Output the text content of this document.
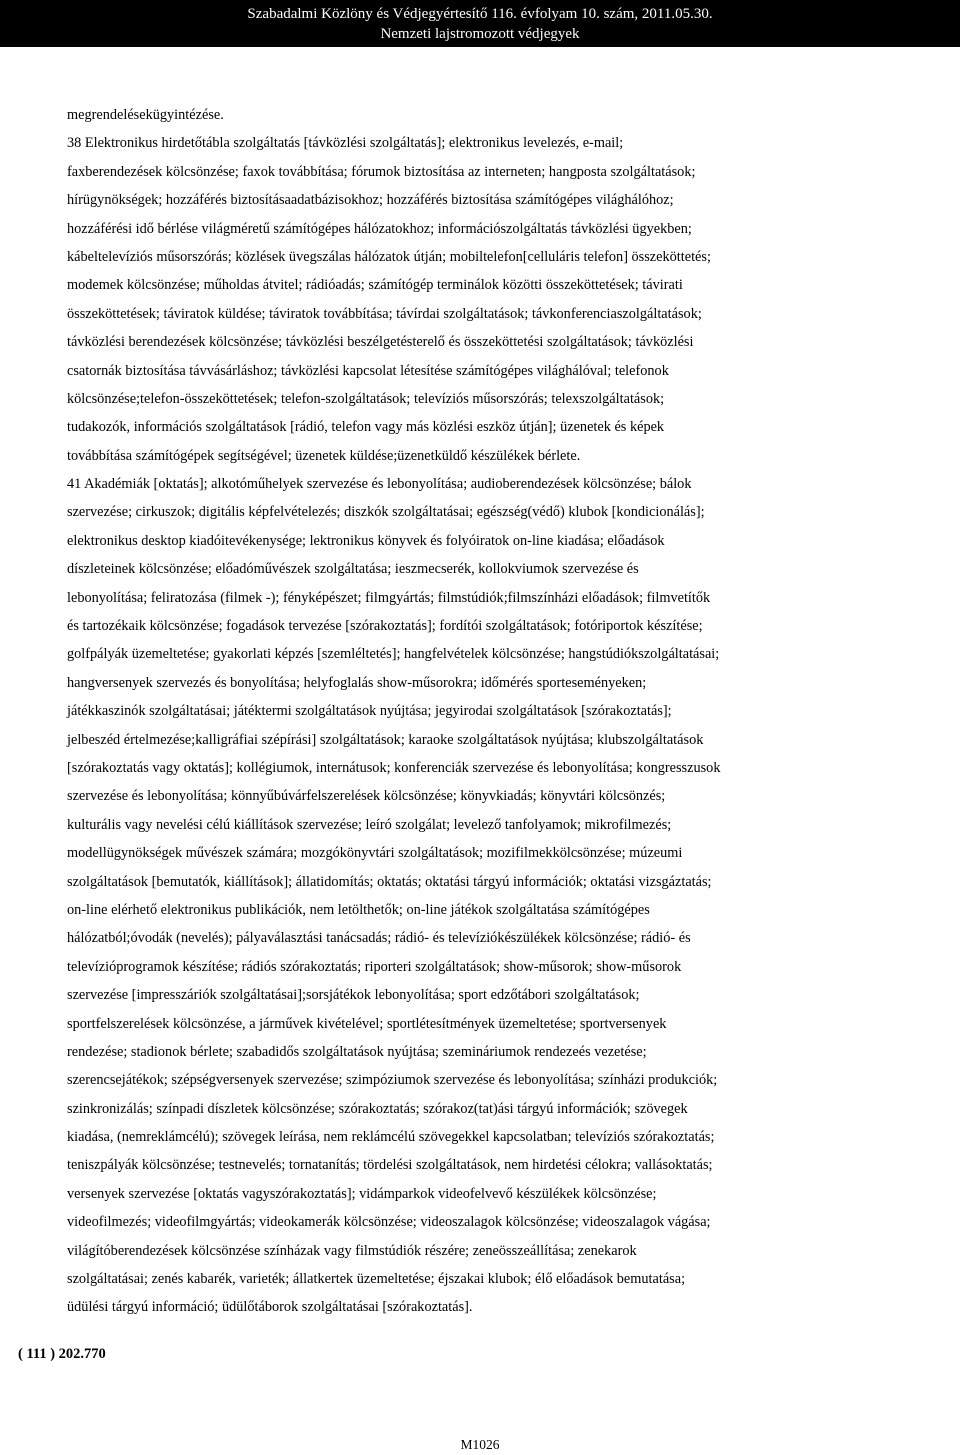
Szabadalmi Közlöny és Védjegyértesítő 116. évfolyam 10. szám, 2011.05.30.
Nemzeti lajstromozott védjegyek
megrendelésekügyintézése.
38 Elektronikus hirdetőtábla szolgáltatás [távközlési szolgáltatás]; elektronikus levelezés, e-mail;
faxberendezések kölcsönzése; faxok továbbítása; fórumok biztosítása az interneten; hangposta szolgáltatások;
hírügynökségek; hozzáférés biztosításaadatbázisokhoz; hozzáférés biztosítása számítógépes világhálóhoz;
hozzáférési idő bérlése világméretű számítógépes hálózatokhoz; információszolgáltatás távközlési ügyekben;
kábeltelevíziós műsorszórás; közlések üvegszálas hálózatok útján; mobiltelefon[celluláris telefon] összeköttetés;
modemek kölcsönzése; műholdas átvitel; rádióadás; számítógép terminálok közötti összeköttetések; távirati
összeköttetések; táviratok küldése; táviratok továbbítása; távírdai szolgáltatások; távkonferenciaszolgáltatások;
távközlési berendezések kölcsönzése; távközlési beszélgetésterelő és összeköttetési szolgáltatások; távközlési
csatornák biztosítása távvásárláshoz; távközlési kapcsolat létesítése számítógépes világhálóval; telefonok
kölcsönzése;telefon-összeköttetések; telefon-szolgáltatások; televíziós műsorszórás; telexszolgáltatások;
tudakozók, információs szolgáltatások [rádió, telefon vagy más közlési eszköz útján]; üzenetek és képek
továbbítása számítógépek segítségével; üzenetek küldése;üzenetküldő készülékek bérlete.
41 Akadémiák [oktatás]; alkotóműhelyek szervezése és lebonyolítása; audioberendezések kölcsönzése; bálok
szervezése; cirkuszok; digitális képfelvételezés; diszkók szolgáltatásai; egészség(védő) klubok [kondicionálás];
elektronikus desktop kiadóitevékenysége; lektronikus könyvek és folyóiratok on-line kiadása; előadások
díszleteinek kölcsönzése; előadóművészek szolgáltatása; ieszmecserék, kollokviumok szervezése és
lebonyolítása; feliratozása (filmek -); fényképészet; filmgyártás; filmstúdiók;filmszínházi előadások; filmvetítők
és tartozékaik kölcsönzése; fogadások tervezése [szórakoztatás]; fordítói szolgáltatások; fotóriportok készítése;
golfpályák üzemeltetése; gyakorlati képzés [szemléltetés]; hangfelvételek kölcsönzése; hangstúdiókszolgáltatásai;
hangversenyek szervezés és bonyolítása; helyfoglalás show-műsorokra; időmérés sporteseményeken;
játékkaszinók szolgáltatásai; játéktermi szolgáltatások nyújtása; jegyirodai szolgáltatások [szórakoztatás];
jelbeszéd értelmezése;kalligráfiai szépírási] szolgáltatások; karaoke szolgáltatások nyújtása; klubszolgáltatások
[szórakoztatás vagy oktatás]; kollégiumok, internátusok; konferenciák szervezése és lebonyolítása; kongresszusok
szervezése és lebonyolítása; könnyűbúvárfelszerelések kölcsönzése; könyvkiadás; könyvtári kölcsönzés;
kulturális vagy nevelési célú kiállítások szervezése; leíró szolgálat; levelező tanfolyamok; mikrofilmezés;
modellügynökségek művészek számára; mozgókönyvtári szolgáltatások; mozifilmekkölcsönzése; múzeumi
szolgáltatások [bemutatók, kiállítások]; állatidomítás; oktatás; oktatási tárgyú információk; oktatási vizsgáztatás;
on-line elérhető elektronikus publikációk, nem letölthetők; on-line játékok szolgáltatása számítógépes
hálózatból;óvodák (nevelés); pályaválasztási tanácsadás; rádió- és televíziókészülékek kölcsönzése; rádió- és
televízióprogramok készítése; rádiós szórakoztatás; riporteri szolgáltatások; show-műsorok; show-műsorok
szervezése [impresszáriók szolgáltatásai];sorsjátékok lebonyolítása; sport edzőtábori szolgáltatások;
sportfelszerelések kölcsönzése, a járművek kivételével; sportlétesítmények üzemeltetése; sportversenyek
rendezése; stadionok bérlete; szabadidős szolgáltatások nyújtása; szemináriumok rendezeés vezetése;
szerencsejátékok; szépségversenyek szervezése; szimpóziumok szervezése és lebonyolítása; színházi produkciók;
szinkronizálás; színpadi díszletek kölcsönzése; szórakoztatás; szórakoz(tat)ási tárgyú információk; szövegek
kiadása, (nemreklámcélú); szövegek leírása, nem reklámcélú szövegekkel kapcsolatban; televíziós szórakoztatás;
teniszpályák kölcsönzése; testnevelés; tornatanítás; tördelési szolgáltatások, nem hirdetési célokra; vallásoktatás;
versenyek szervezése [oktatás vagyszórakoztatás]; vidámparkok videofelvevő készülékek kölcsönzése;
videofilmezés; videofilmgyártás; videokamerák kölcsönzése; videoszalagok kölcsönzése; videoszalagok vágása;
világítóberendezések kölcsönzése színházak vagy filmstúdiók részére; zeneösszeállítása; zenekarok
szolgáltatásai; zenés kabarék, varieték; állatkertek üzemeltetése; éjszakai klubok; élő előadások bemutatása;
üdülési tárgyú információ; üdülőtáborok szolgáltatásai [szórakoztatás].
( 111 ) 202.770
M1026
